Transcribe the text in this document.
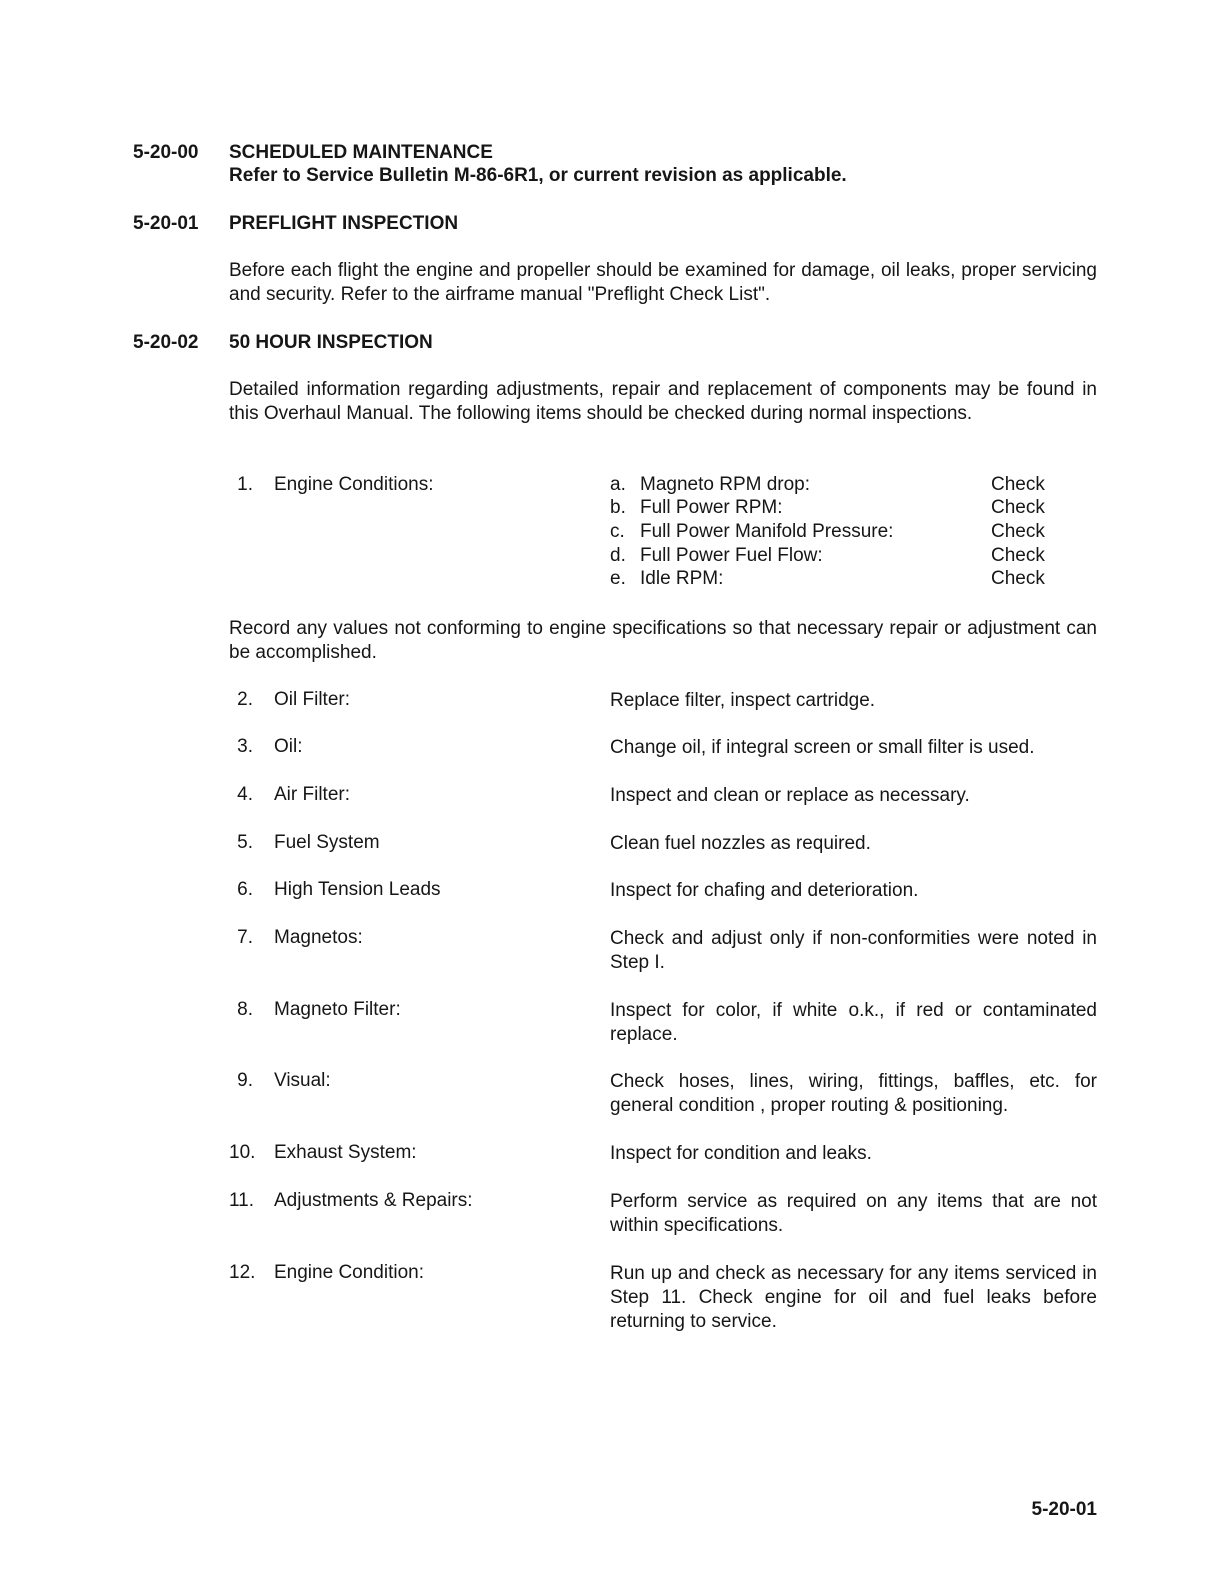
5-20-00 SCHEDULED MAINTENANCE
Refer to Service Bulletin M-86-6R1, or current revision as applicable.
5-20-01 PREFLIGHT INSPECTION
Before each flight the engine and propeller should be examined for damage, oil leaks, proper servicing and security. Refer to the airframe manual "Preflight Check List".
5-20-02 50 HOUR INSPECTION
Detailed information regarding adjustments, repair and replacement of components may be found in this Overhaul Manual. The following items should be checked during normal inspections.
1. Engine Conditions:	a. Magneto RPM drop:	Check
b. Full Power RPM:	Check
c. Full Power Manifold Pressure:	Check
d. Full Power Fuel Flow:	Check
e. Idle RPM:	Check
Record any values not conforming to engine specifications so that necessary repair or adjustment can be accomplished.
2. Oil Filter:	Replace filter, inspect cartridge.
3. Oil:	Change oil, if integral screen or small filter is used.
4. Air Filter:	Inspect and clean or replace as necessary.
5. Fuel System	Clean fuel nozzles as required.
6. High Tension Leads	Inspect for chafing and deterioration.
7. Magnetos:	Check and adjust only if non-conformities were noted in Step I.
8. Magneto Filter:	Inspect for color, if white o.k., if red or contaminated replace.
9. Visual:	Check hoses, lines, wiring, fittings, baffles, etc. for general condition , proper routing & positioning.
10. Exhaust System:	Inspect for condition and leaks.
11. Adjustments & Repairs:	Perform service as required on any items that are not within specifications.
12. Engine Condition:	Run up and check as necessary for any items serviced in Step 11. Check engine for oil and fuel leaks before returning to service.
5-20-01
